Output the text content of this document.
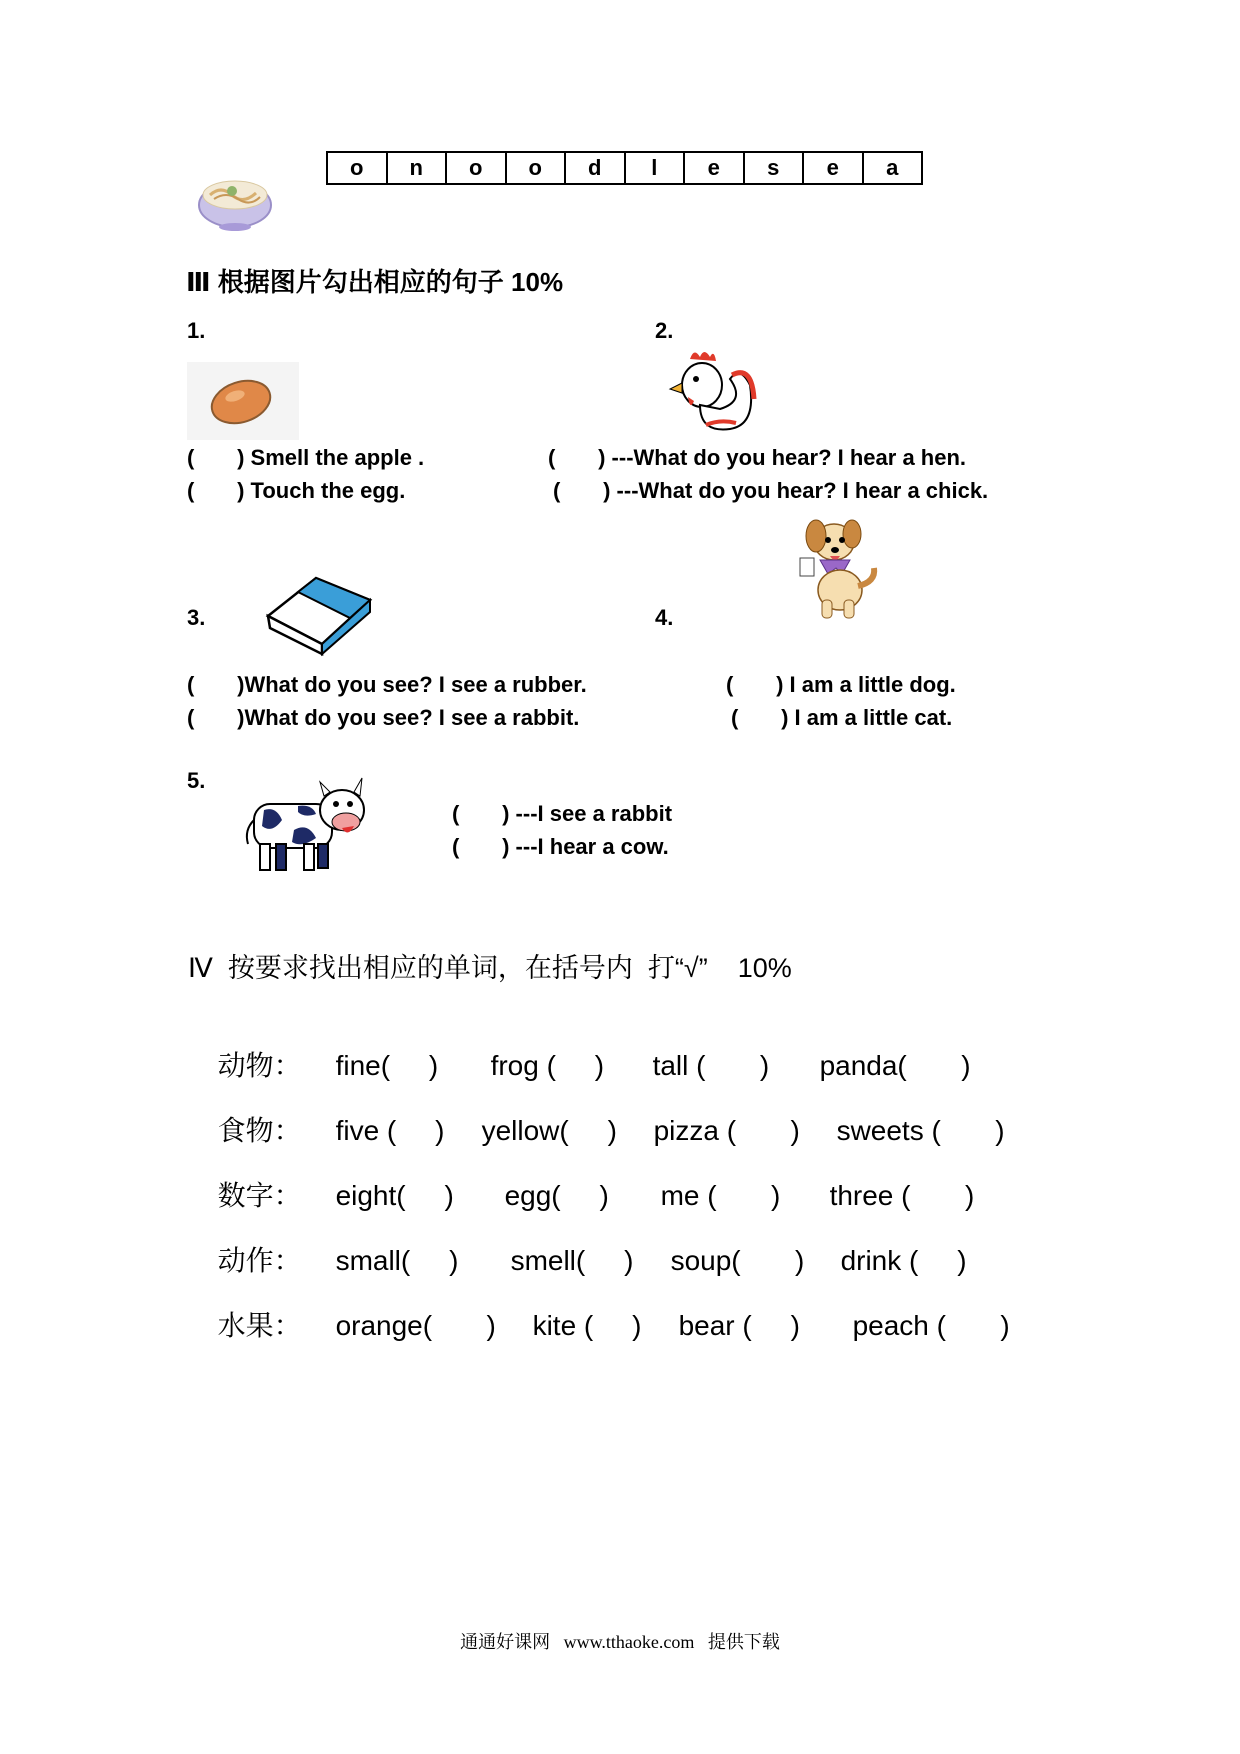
o	n	o	o	d	l	e	s	e	a
Ⅲ 根据图片勾出相应的句子 10%
1.
(       ) Smell the apple .
(       ) Touch the egg.
2.
(       ) ---What do you hear? I hear a hen.
(       ) ---What do you hear? I hear a chick.
3.
(       )What do you see? I see a rubber.
(       )What do you see? I see a rabbit.
4.
(       ) I am a little dog.
(       ) I am a little cat.
5.
(       ) ---I see a rabbit
(       ) ---I hear a cow.
Ⅳ  按要求找出相应的单词，在括号内  打“√”    10%

动物： fine(     ) frog (     ) tall (       ) panda(       )

食物： five (     ) yellow(     ) pizza (       ) sweets (       )

数字： eight(     ) egg(     ) me (       ) three (       )

动作： small(     ) smell(     ) soup(       ) drink (     )

水果： orange(       ) kite (     ) bear (     ) peach (       )

通通好课网   www.tthaoke.com   提供下载
